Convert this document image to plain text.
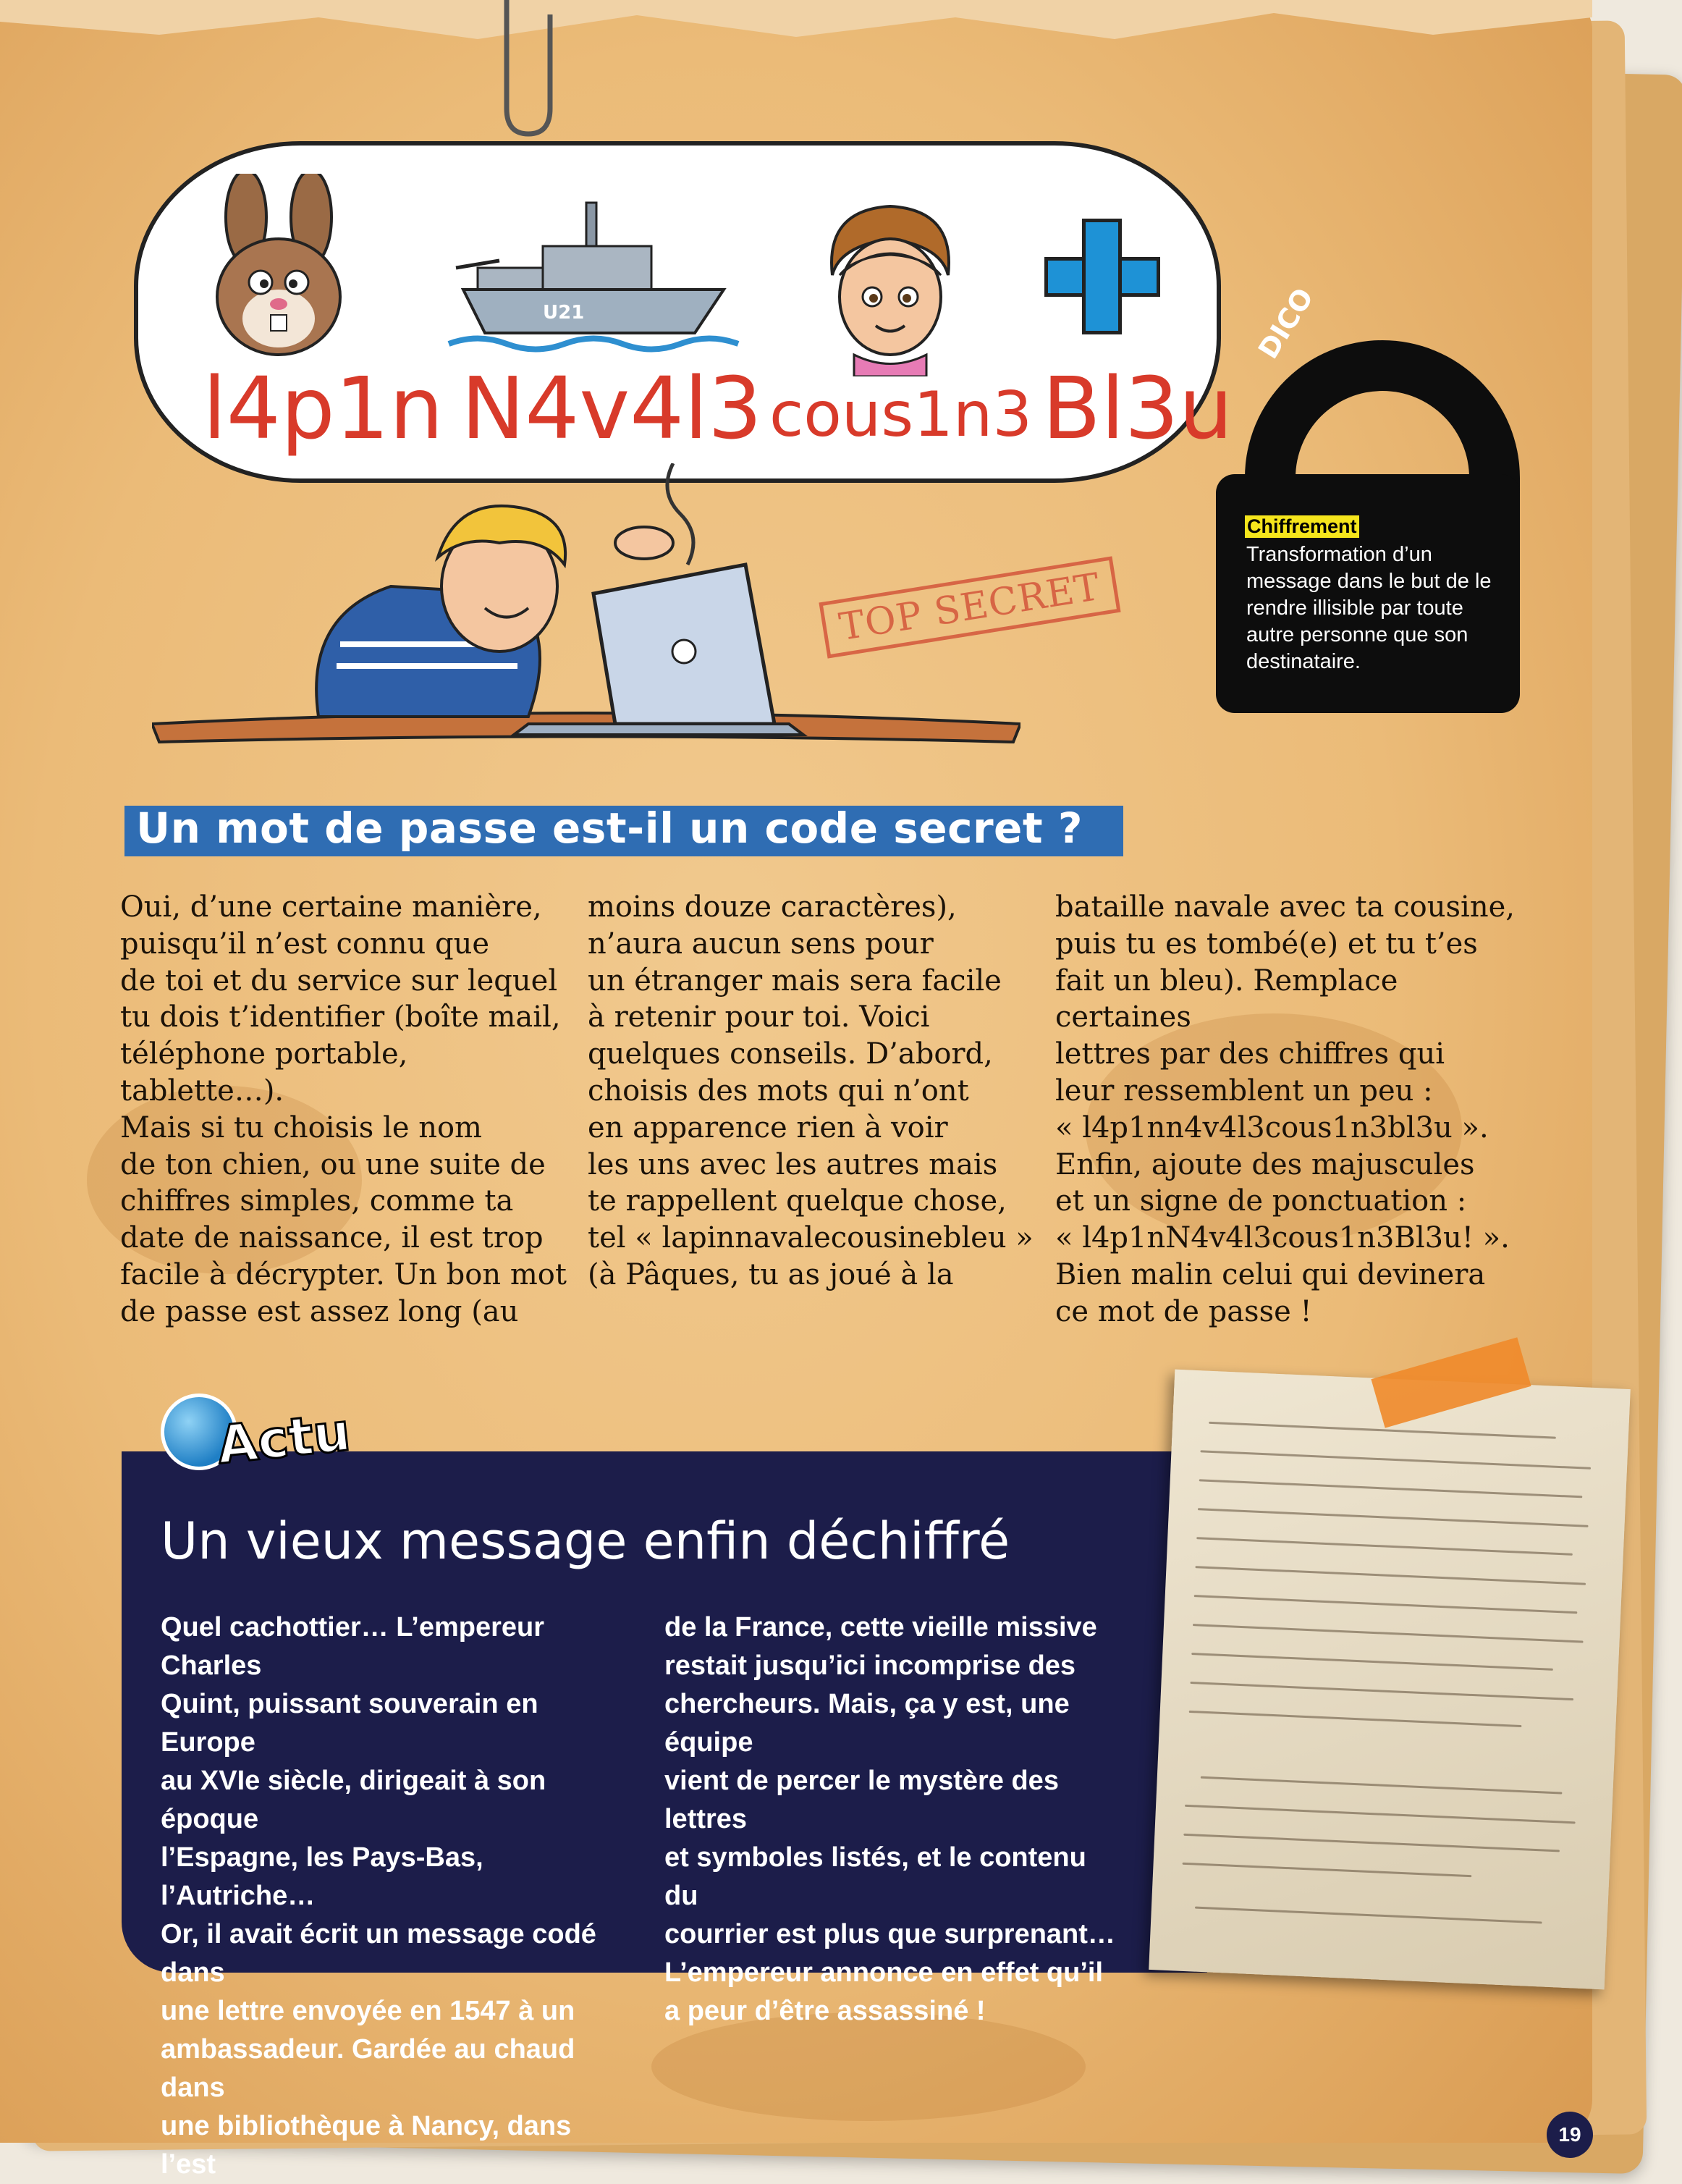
U21
l4p1n N4v4l3 cous1n3 Bl3u
TOP SECRET
DICO
Chiffrement
Transformation d’un message dans le but de le rendre illisible par toute autre personne que son destinataire.
Un mot de passe est-il un code secret ?

Oui, d’une certaine manière,

puisqu’il n’est connu que

de toi et du service sur lequel

tu dois t’identifier (boîte mail,

téléphone portable, tablette…).

Mais si tu choisis le nom

de ton chien, ou une suite de

chiffres simples, comme ta

date de naissance, il est trop

facile à décrypter. Un bon mot

de passe est assez long (au

moins douze caractères),

n’aura aucun sens pour

un étranger mais sera facile

à retenir pour toi. Voici

quelques conseils. D’abord,

choisis des mots qui n’ont

en apparence rien à voir

les uns avec les autres mais

te rappellent quelque chose,

tel « lapinnavalecousinebleu »

(à Pâques, tu as joué à la

bataille navale avec ta cousine,

puis tu es tombé(e) et tu t’es

fait un bleu). Remplace certaines

lettres par des chiffres qui

leur ressemblent un peu :

« l4p1nn4v4l3cous1n3bl3u ».

Enfin, ajoute des majuscules

et un signe de ponctuation :

« l4p1nN4v4l3cous1n3Bl3u! ».

Bien malin celui qui devinera

ce mot de passe !

Actu
Un vieux message enfin déchiffré

Quel cachottier… L’empereur Charles

Quint, puissant souverain en Europe

au XVIe siècle, dirigeait à son époque

l’Espagne, les Pays-Bas, l’Autriche…

Or, il avait écrit un message codé dans

une lettre envoyée en 1547 à un

ambassadeur. Gardée au chaud dans

une bibliothèque à Nancy, dans l’est

de la France, cette vieille missive

restait jusqu’ici incomprise des

chercheurs. Mais, ça y est, une équipe

vient de percer le mystère des lettres

et symboles listés, et le contenu du

courrier est plus que surprenant…

L’empereur annonce en effet qu’il

a peur d’être assassiné !

19
